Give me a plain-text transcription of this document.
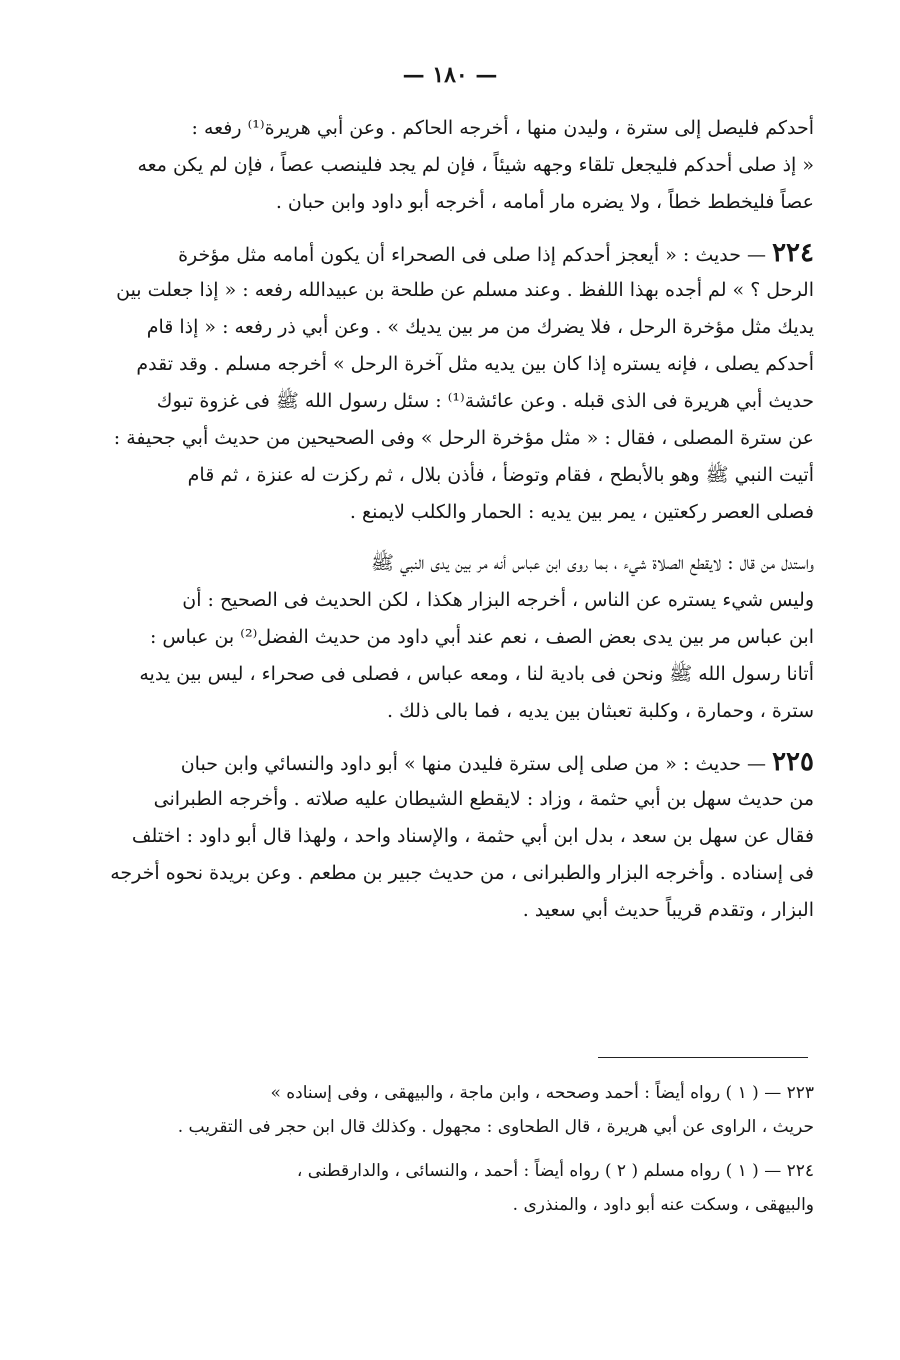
— ١٨٠ —
أحدكم فليصل إلى سترة ، وليدن منها ، أخرجه الحاكم . وعن أبي هريرة⁽¹⁾ رفعه :
« إذ صلى أحدكم فليجعل تلقاء وجهه شيئاً ، فإن لم يجد فلينصب عصاً ، فإن لم يكن معه
عصاً فليخطط خطاً ، ولا يضره مار أمامه ، أخرجه أبو داود وابن حبان .
٢٢٤ — حديث : « أيعجز أحدكم إذا صلى فى الصحراء أن يكون أمامه مثل مؤخرة
الرحل ؟ » لم أجده بهذا اللفظ . وعند مسلم عن طلحة بن عبيدالله رفعه : « إذا جعلت بين
يديك مثل مؤخرة الرحل ، فلا يضرك من مر بين يديك » . وعن أبي ذر رفعه : « إذا قام
أحدكم يصلى ، فإنه يستره إذا كان بين يديه مثل آخرة الرحل » أخرجه مسلم . وقد تقدم
حديث أبي هريرة فى الذى قبله . وعن عائشة⁽¹⁾ : سئل رسول الله ﷺ فى غزوة تبوك
عن سترة المصلى ، فقال : « مثل مؤخرة الرحل » وفى الصحيحين من حديث أبي جحيفة :
أتيت النبي ﷺ وهو بالأبطح ، فقام وتوضأ ، فأذن بلال ، ثم ركزت له عنزة ، ثم قام
فصلى العصر ركعتين ، يمر بين يديه : الحمار والكلب لايمنع .
واستدل من قال : لايقطع الصلاة شيء ، بما روى ابن عباس أنه مر بين يدى النبي ﷺ
وليس شيء يستره عن الناس ، أخرجه البزار هكذا ، لكن الحديث فى الصحيح : أن
ابن عباس مر بين يدى بعض الصف ، نعم عند أبي داود من حديث الفضل⁽²⁾ بن عباس :
أتانا رسول الله ﷺ ونحن فى بادية لنا ، ومعه عباس ، فصلى فى صحراء ، ليس بين يديه
سترة ، وحمارة ، وكلبة تعبثان بين يديه ، فما بالى ذلك .
٢٢٥ — حديث : « من صلى إلى سترة فليدن منها » أبو داود والنسائي وابن حبان
من حديث سهل بن أبي حثمة ، وزاد : لايقطع الشيطان عليه صلاته . وأخرجه الطبرانى
فقال عن سهل بن سعد ، بدل ابن أبي حثمة ، والإسناد واحد ، ولهذا قال أبو داود : اختلف
فى إسناده . وأخرجه البزار والطبرانى ، من حديث جبير بن مطعم . وعن بريدة نحوه أخرجه
البزار ، وتقدم قريباً حديث أبي سعيد .
٢٢٣ — ( ١ ) رواه أيضاً : أحمد وصححه ، وابن ماجة ، والبيهقى ، وفى إسناده »
حريث ، الراوى عن أبي هريرة ، قال الطحاوى : مجهول . وكذلك قال ابن حجر فى التقريب .
٢٢٤ — ( ١ ) رواه مسلم ( ٢ ) رواه أيضاً : أحمد ، والنسائى ، والدارقطنى ،
والبيهقى ، وسكت عنه أبو داود ، والمنذرى .
